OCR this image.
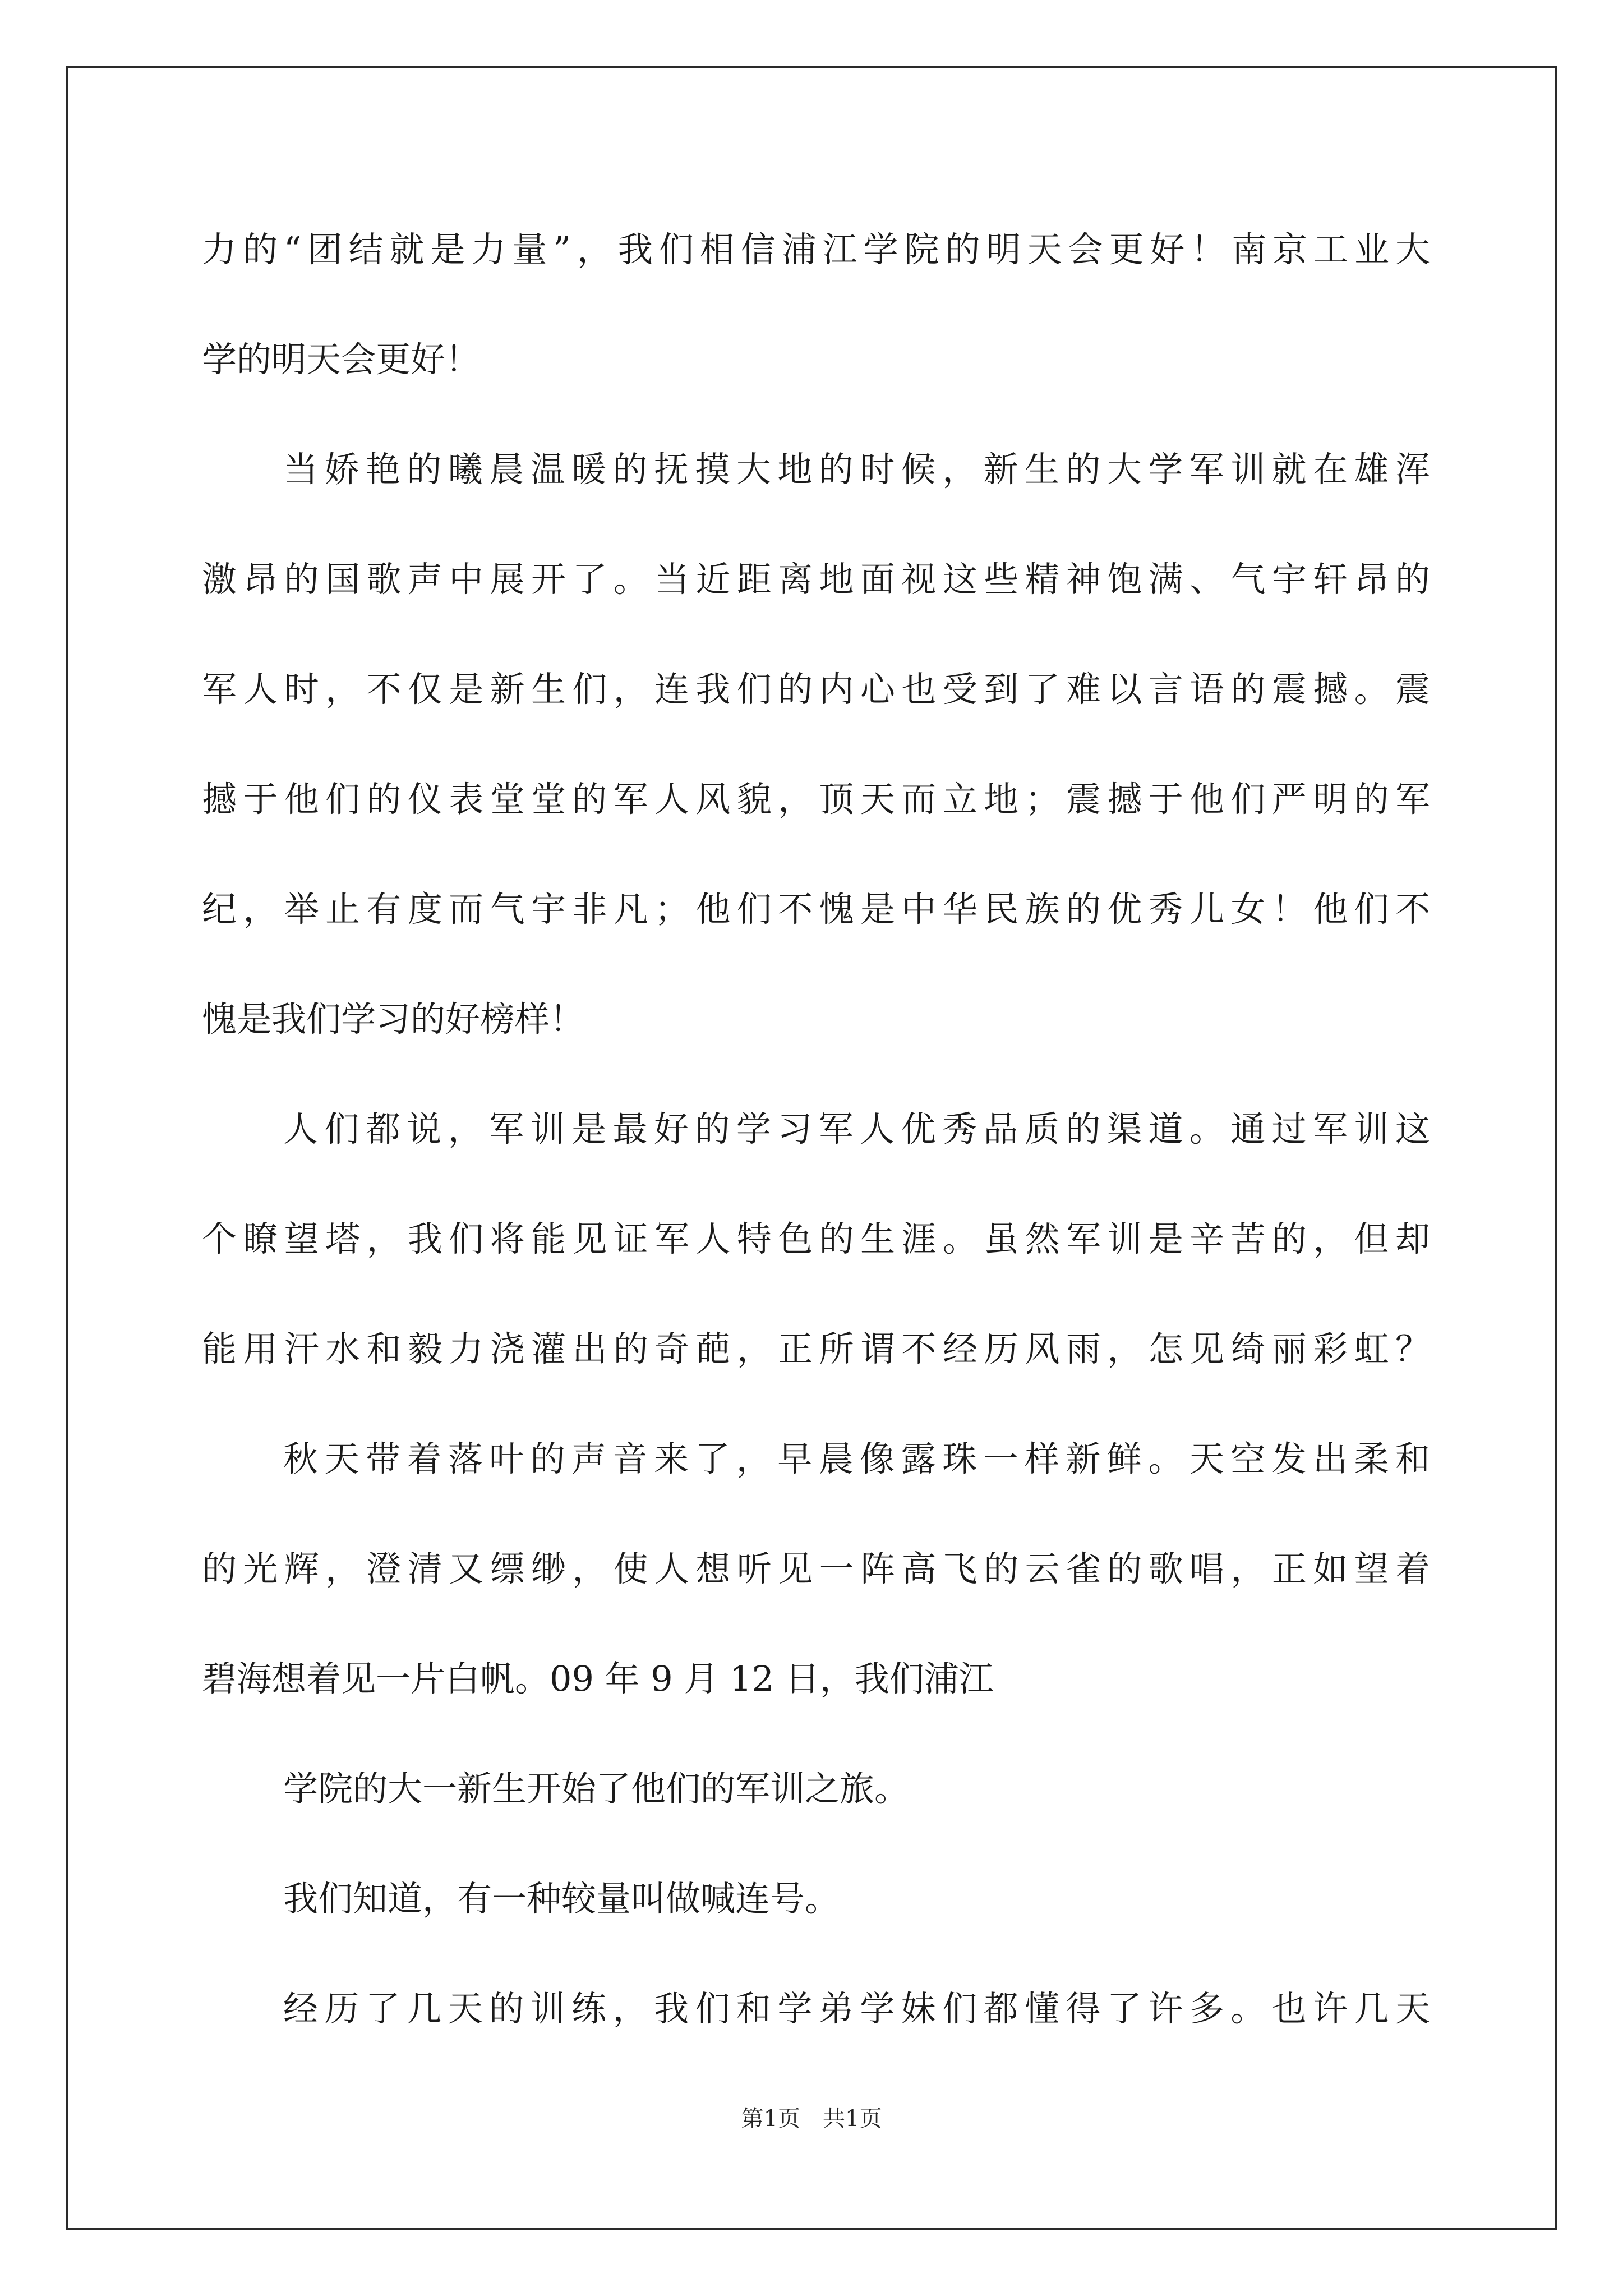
力的“团结就是力量”，我们相信浦江学院的明天会更好！南京工业大
学的明天会更好！
当娇艳的曦晨温暖的抚摸大地的时候，新生的大学军训就在雄浑
激昂的国歌声中展开了。当近距离地面视这些精神饱满、气宇轩昂的
军人时，不仅是新生们，连我们的内心也受到了难以言语的震撼。震
撼于他们的仪表堂堂的军人风貌，顶天而立地；震撼于他们严明的军
纪，举止有度而气宇非凡；他们不愧是中华民族的优秀儿女！他们不
愧是我们学习的好榜样！
人们都说，军训是最好的学习军人优秀品质的渠道。通过军训这
个瞭望塔，我们将能见证军人特色的生涯。虽然军训是辛苦的，但却
能用汗水和毅力浇灌出的奇葩，正所谓不经历风雨，怎见绮丽彩虹？
秋天带着落叶的声音来了，早晨像露珠一样新鲜。天空发出柔和
的光辉，澄清又缥缈，使人想听见一阵高飞的云雀的歌唱，正如望着
碧海想着见一片白帆。09 年 9 月 12 日，我们浦江
学院的大一新生开始了他们的军训之旅。
我们知道，有一种较量叫做喊连号。
经历了几天的训练，我们和学弟学妹们都懂得了许多。也许几天
第1页　共1页
